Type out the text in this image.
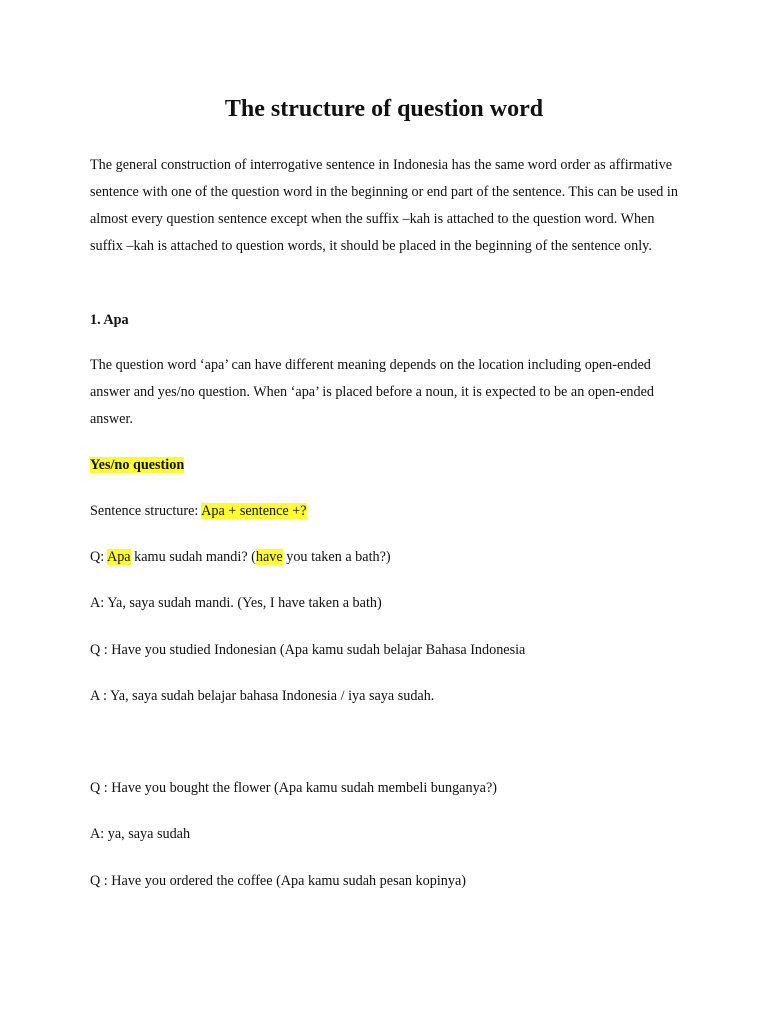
The structure of question word

The general construction of interrogative sentence in Indonesia has the same word order as affirmative sentence with one of the question word in the beginning or end part of the sentence. This can be used in almost every question sentence except when the suffix –kah is attached to the question word. When suffix –kah is attached to question words, it should be placed in the beginning of the sentence only.

1. Apa

The question word ‘apa’ can have different meaning depends on the location including open-ended answer and yes/no question. When ‘apa’ is placed before a noun, it is expected to be an open-ended answer.

Yes/no question

Sentence structure: Apa + sentence +?

Q: Apa kamu sudah mandi? (have you taken a bath?)

A: Ya, saya sudah mandi. (Yes, I have taken a bath)

Q : Have you studied Indonesian (Apa kamu sudah belajar Bahasa Indonesia

A : Ya, saya sudah belajar bahasa Indonesia / iya saya sudah.

Q : Have you bought the flower (Apa kamu sudah membeli bunganya?)

A: ya, saya sudah

Q : Have you ordered the coffee (Apa kamu sudah pesan kopinya)
